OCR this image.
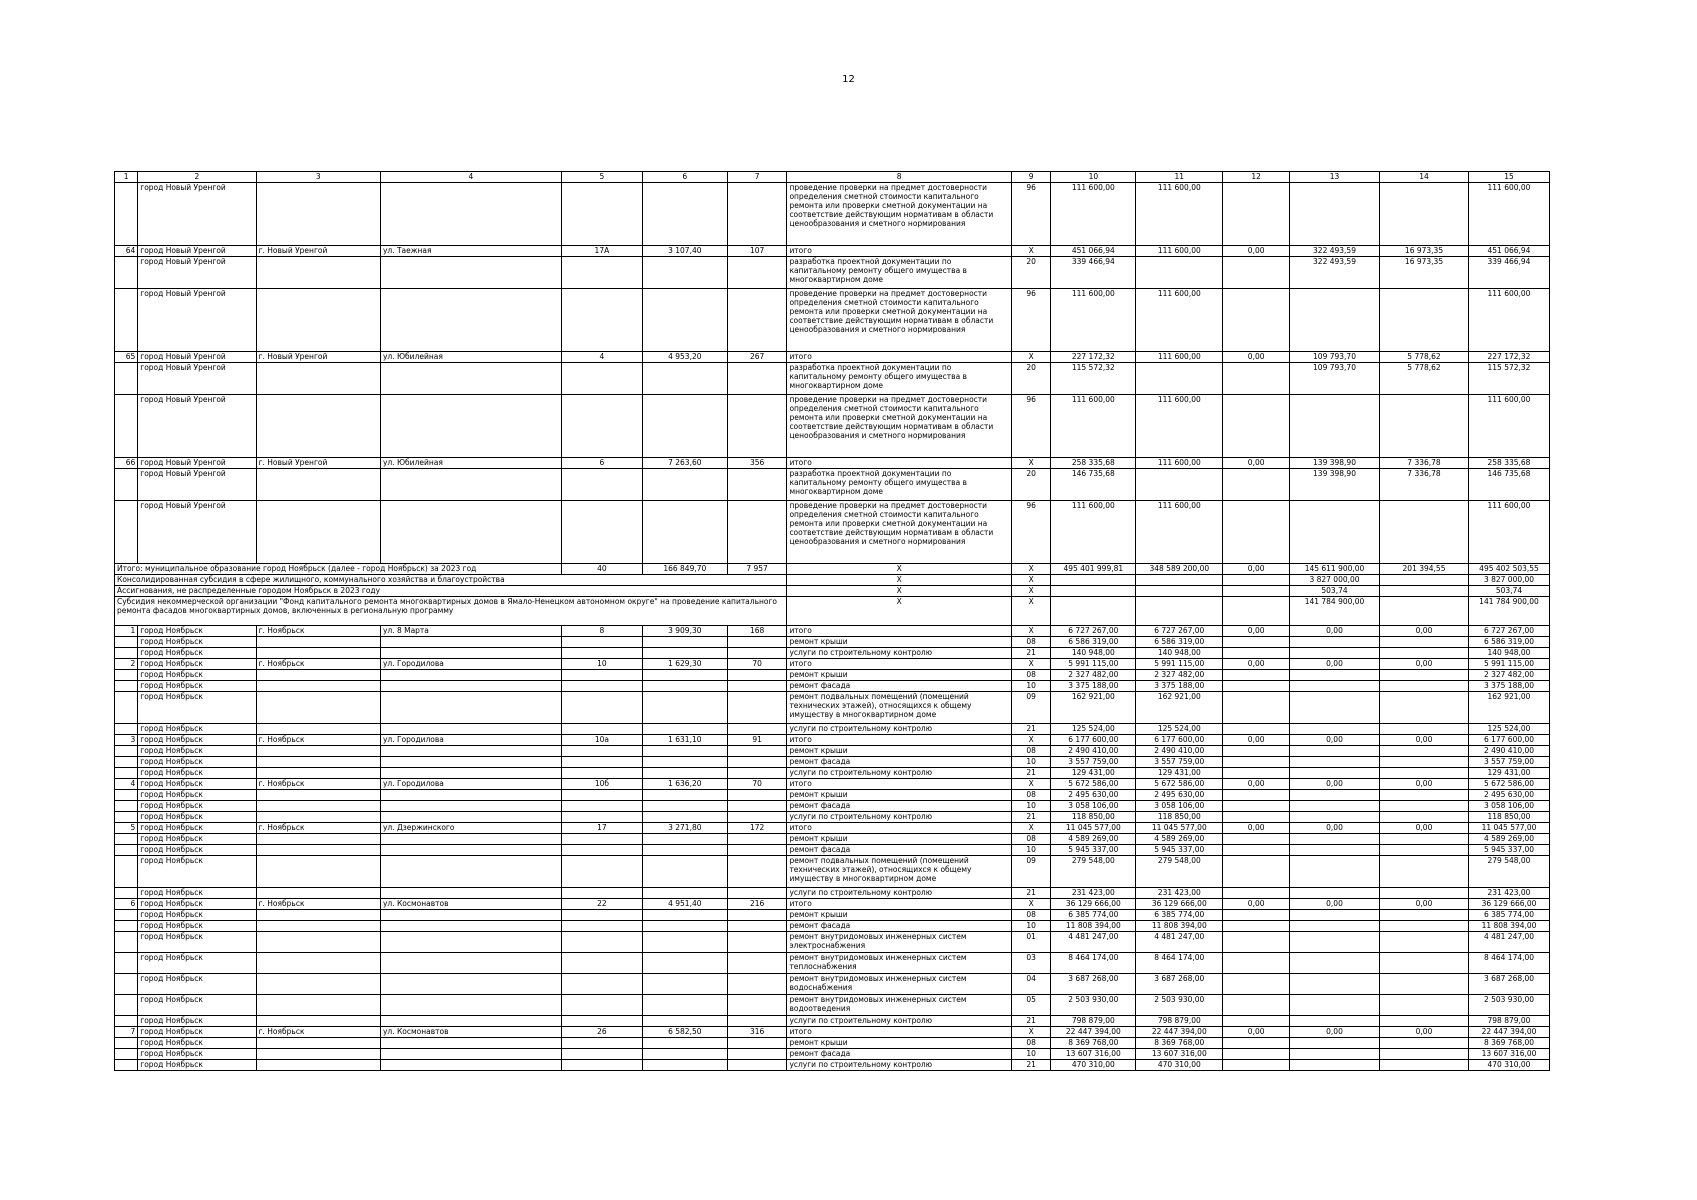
12
1	2	3	4	5	6	7	8	9	10	11	12	13	14	15
	город Новый Уренгой						проведение проверки на предмет достоверности определения сметной стоимости капитального ремонта или проверки сметной документации на соответствие действующим нормативам в области ценообразования и сметного нормирования	96	111 600,00	111 600,00				111 600,00
64	город Новый Уренгой	г. Новый Уренгой	ул. Таежная	17А	3 107,40	107	итого	X	451 066,94	111 600,00	0,00	322 493,59	16 973,35	451 066,94
	город Новый Уренгой						разработка проектной документации по капитальному ремонту общего имущества в многоквартирном доме	20	339 466,94			322 493,59	16 973,35	339 466,94
	город Новый Уренгой						проведение проверки на предмет достоверности определения сметной стоимости капитального ремонта или проверки сметной документации на соответствие действующим нормативам в области ценообразования и сметного нормирования	96	111 600,00	111 600,00				111 600,00
65	город Новый Уренгой	г. Новый Уренгой	ул. Юбилейная	4	4 953,20	267	итого	X	227 172,32	111 600,00	0,00	109 793,70	5 778,62	227 172,32
	город Новый Уренгой						разработка проектной документации по капитальному ремонту общего имущества в многоквартирном доме	20	115 572,32			109 793,70	5 778,62	115 572,32
	город Новый Уренгой						проведение проверки на предмет достоверности определения сметной стоимости капитального ремонта или проверки сметной документации на соответствие действующим нормативам в области ценообразования и сметного нормирования	96	111 600,00	111 600,00				111 600,00
66	город Новый Уренгой	г. Новый Уренгой	ул. Юбилейная	6	7 263,60	356	итого	X	258 335,68	111 600,00	0,00	139 398,90	7 336,78	258 335,68
	город Новый Уренгой						разработка проектной документации по капитальному ремонту общего имущества в многоквартирном доме	20	146 735,68			139 398,90	7 336,78	146 735,68
	город Новый Уренгой						проведение проверки на предмет достоверности определения сметной стоимости капитального ремонта или проверки сметной документации на соответствие действующим нормативам в области ценообразования и сметного нормирования	96	111 600,00	111 600,00				111 600,00
Итого: муниципальное образование город Ноябрьск (далее - город Ноябрьск) за 2023 год				40	166 849,70	7 957	X	X	495 401 999,81	348 589 200,00	0,00	145 611 900,00	201 394,55	495 402 503,55
Консолидированная субсидия в сфере жилищного, коммунального хозяйства и благоустройства							X	X				3 827 000,00		3 827 000,00
Ассигнования, не распределенные городом Ноябрьск в 2023 году							X	X				503,74		503,74
Субсидия некоммерческой организации "Фонд капитального ремонта многоквартирных домов в Ямало-Ненецком автономном округе" на проведение капитального ремонта фасадов многоквартирных домов, включенных в региональную программу							X	X				141 784 900,00		141 784 900,00
1	город Ноябрьск	г. Ноябрьск	ул. 8 Марта	8	3 909,30	168	итого	X	6 727 267,00	6 727 267,00	0,00	0,00	0,00	6 727 267,00
	город Ноябрьск						ремонт крыши	08	6 586 319,00	6 586 319,00				6 586 319,00
	город Ноябрьск						услуги по строительному контролю	21	140 948,00	140 948,00				140 948,00
2	город Ноябрьск	г. Ноябрьск	ул. Городилова	10	1 629,30	70	итого	X	5 991 115,00	5 991 115,00	0,00	0,00	0,00	5 991 115,00
	город Ноябрьск						ремонт крыши	08	2 327 482,00	2 327 482,00				2 327 482,00
	город Ноябрьск						ремонт фасада	10	3 375 188,00	3 375 188,00				3 375 188,00
	город Ноябрьск						ремонт подвальных помещений (помещений технических этажей), относящихся к общему имуществу в многоквартирном доме	09	162 921,00	162 921,00				162 921,00
	город Ноябрьск						услуги по строительному контролю	21	125 524,00	125 524,00				125 524,00
3	город Ноябрьск	г. Ноябрьск	ул. Городилова	10а	1 631,10	91	итого	X	6 177 600,00	6 177 600,00	0,00	0,00	0,00	6 177 600,00
	город Ноябрьск						ремонт крыши	08	2 490 410,00	2 490 410,00				2 490 410,00
	город Ноябрьск						ремонт фасада	10	3 557 759,00	3 557 759,00				3 557 759,00
	город Ноябрьск						услуги по строительному контролю	21	129 431,00	129 431,00				129 431,00
4	город Ноябрьск	г. Ноябрьск	ул. Городилова	10б	1 636,20	70	итого	X	5 672 586,00	5 672 586,00	0,00	0,00	0,00	5 672 586,00
	город Ноябрьск						ремонт крыши	08	2 495 630,00	2 495 630,00				2 495 630,00
	город Ноябрьск						ремонт фасада	10	3 058 106,00	3 058 106,00				3 058 106,00
	город Ноябрьск						услуги по строительному контролю	21	118 850,00	118 850,00				118 850,00
5	город Ноябрьск	г. Ноябрьск	ул. Дзержинского	17	3 271,80	172	итого	X	11 045 577,00	11 045 577,00	0,00	0,00	0,00	11 045 577,00
	город Ноябрьск						ремонт крыши	08	4 589 269,00	4 589 269,00				4 589 269,00
	город Ноябрьск						ремонт фасада	10	5 945 337,00	5 945 337,00				5 945 337,00
	город Ноябрьск						ремонт подвальных помещений (помещений технических этажей), относящихся к общему имуществу в многоквартирном доме	09	279 548,00	279 548,00				279 548,00
	город Ноябрьск						услуги по строительному контролю	21	231 423,00	231 423,00				231 423,00
6	город Ноябрьск	г. Ноябрьск	ул. Космонавтов	22	4 951,40	216	итого	X	36 129 666,00	36 129 666,00	0,00	0,00	0,00	36 129 666,00
	город Ноябрьск						ремонт крыши	08	6 385 774,00	6 385 774,00				6 385 774,00
	город Ноябрьск						ремонт фасада	10	11 808 394,00	11 808 394,00				11 808 394,00
	город Ноябрьск						ремонт внутридомовых инженерных систем электроснабжения	01	4 481 247,00	4 481 247,00				4 481 247,00
	город Ноябрьск						ремонт внутридомовых инженерных систем теплоснабжения	03	8 464 174,00	8 464 174,00				8 464 174,00
	город Ноябрьск						ремонт внутридомовых инженерных систем водоснабжения	04	3 687 268,00	3 687 268,00				3 687 268,00
	город Ноябрьск						ремонт внутридомовых инженерных систем водоотведения	05	2 503 930,00	2 503 930,00				2 503 930,00
	город Ноябрьск						услуги по строительному контролю	21	798 879,00	798 879,00				798 879,00
7	город Ноябрьск	г. Ноябрьск	ул. Космонавтов	26	6 582,50	316	итого	X	22 447 394,00	22 447 394,00	0,00	0,00	0,00	22 447 394,00
	город Ноябрьск						ремонт крыши	08	8 369 768,00	8 369 768,00				8 369 768,00
	город Ноябрьск						ремонт фасада	10	13 607 316,00	13 607 316,00				13 607 316,00
	город Ноябрьск						услуги по строительному контролю	21	470 310,00	470 310,00				470 310,00
